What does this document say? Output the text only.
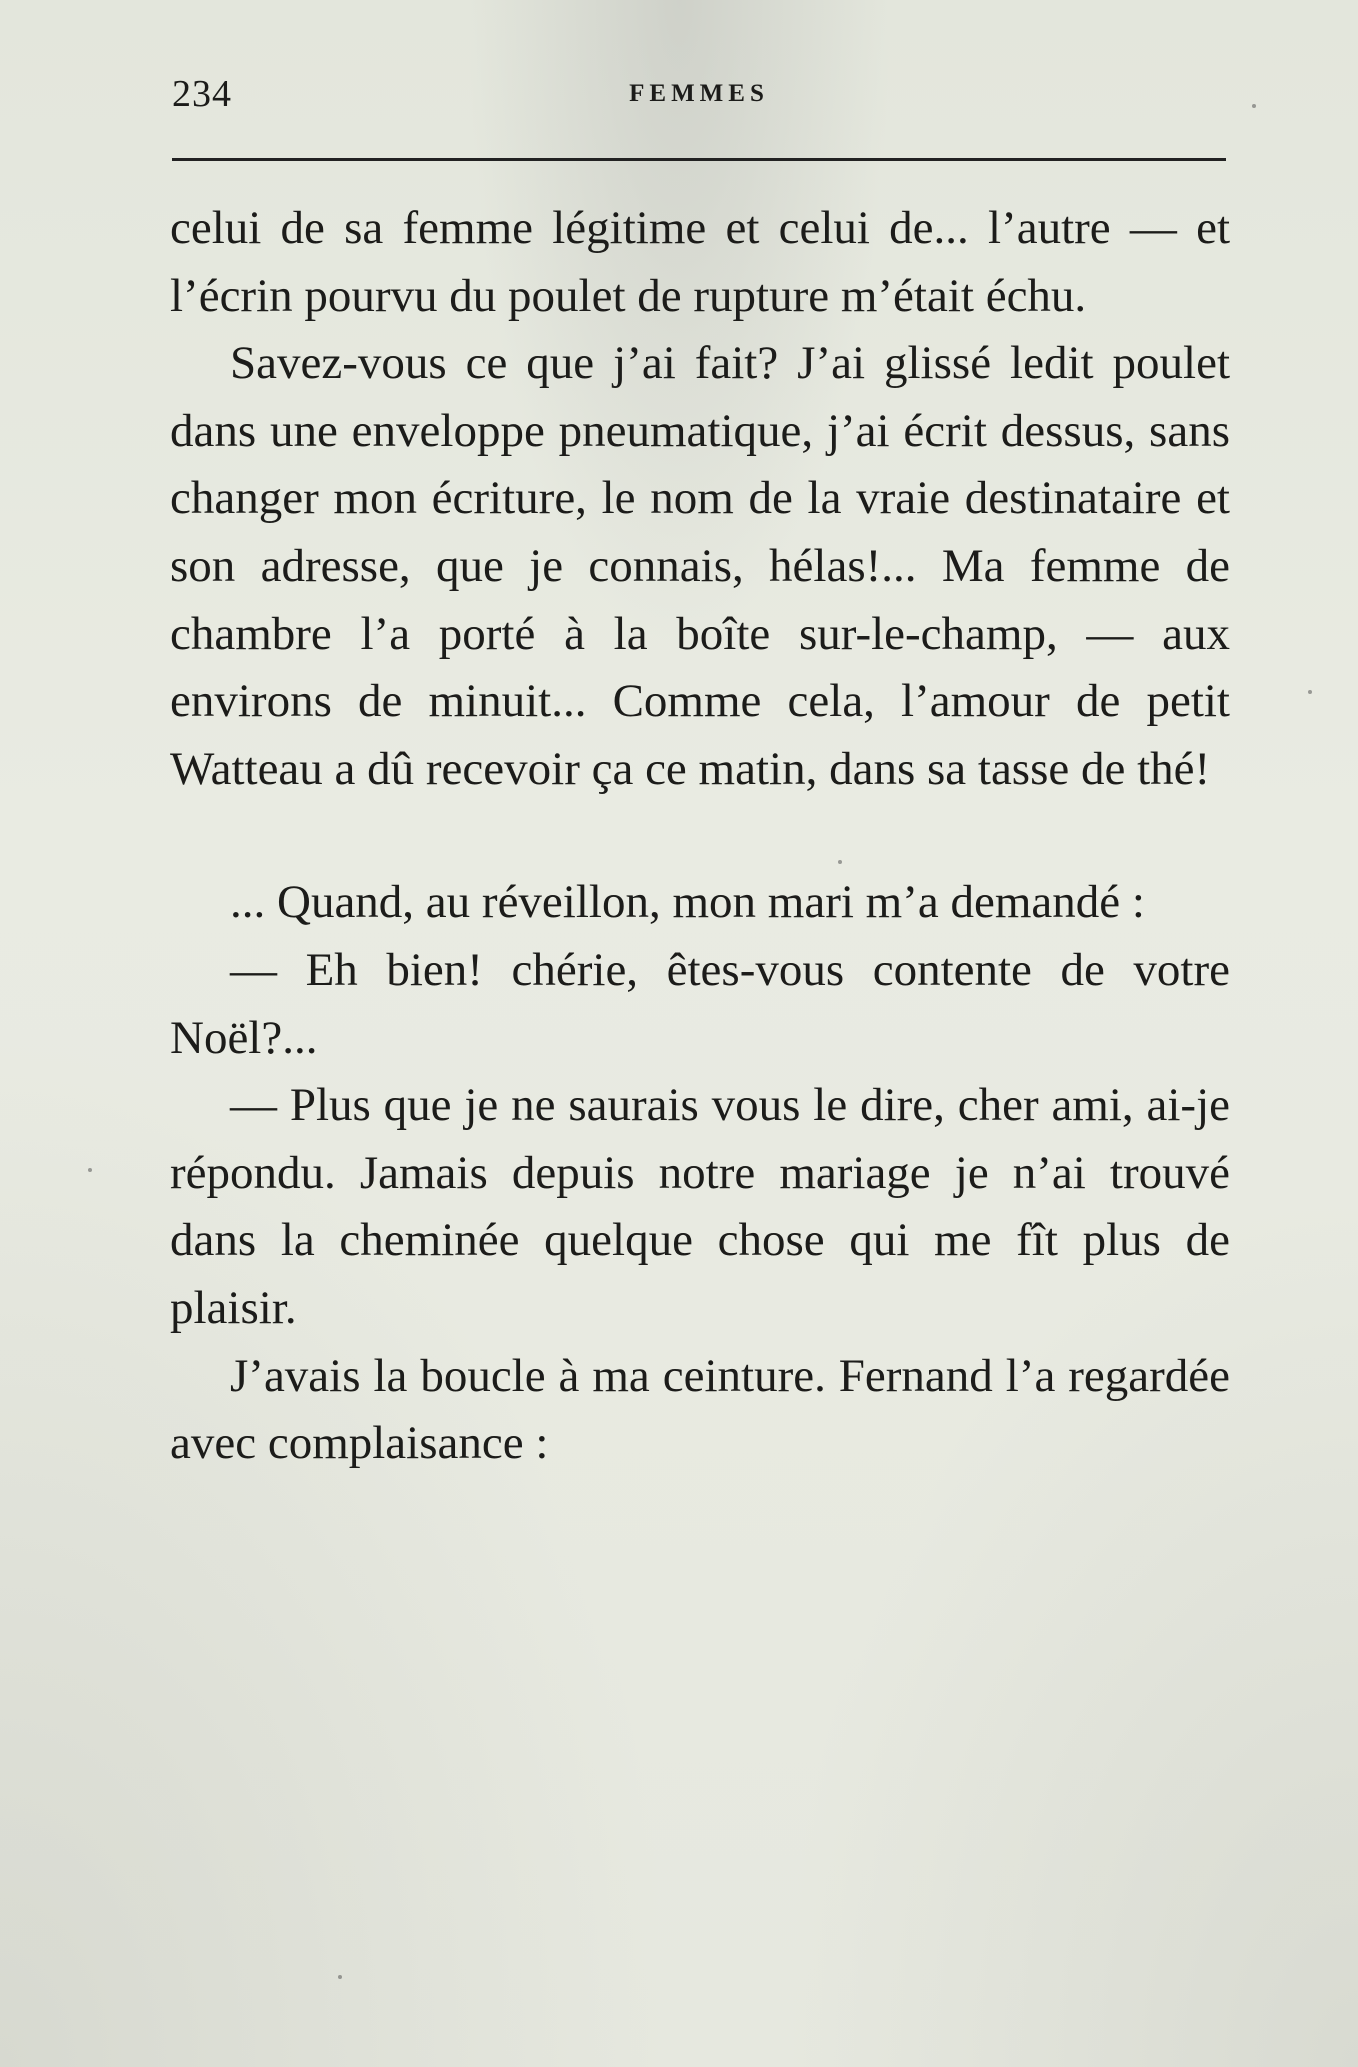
234	FEMMES

celui de sa femme légitime et celui de... l’autre — et l’écrin pourvu du poulet de rupture m’était échu.

Savez-vous ce que j’ai fait? J’ai glissé ledit poulet dans une enveloppe pneumatique, j’ai écrit dessus, sans changer mon écriture, le nom de la vraie destinataire et son adresse, que je connais, hélas!... Ma femme de chambre l’a porté à la boîte sur-le-champ, — aux environs de minuit... Comme cela, l’amour de petit Watteau a dû recevoir ça ce matin, dans sa tasse de thé!

... Quand, au réveillon, mon mari m’a demandé :

— Eh bien! chérie, êtes-vous contente de votre Noël?...

— Plus que je ne saurais vous le dire, cher ami, ai-je répondu. Jamais depuis notre mariage je n’ai trouvé dans la cheminée quelque chose qui me fît plus de plaisir.

J’avais la boucle à ma ceinture. Fernand l’a regardée avec complaisance :
